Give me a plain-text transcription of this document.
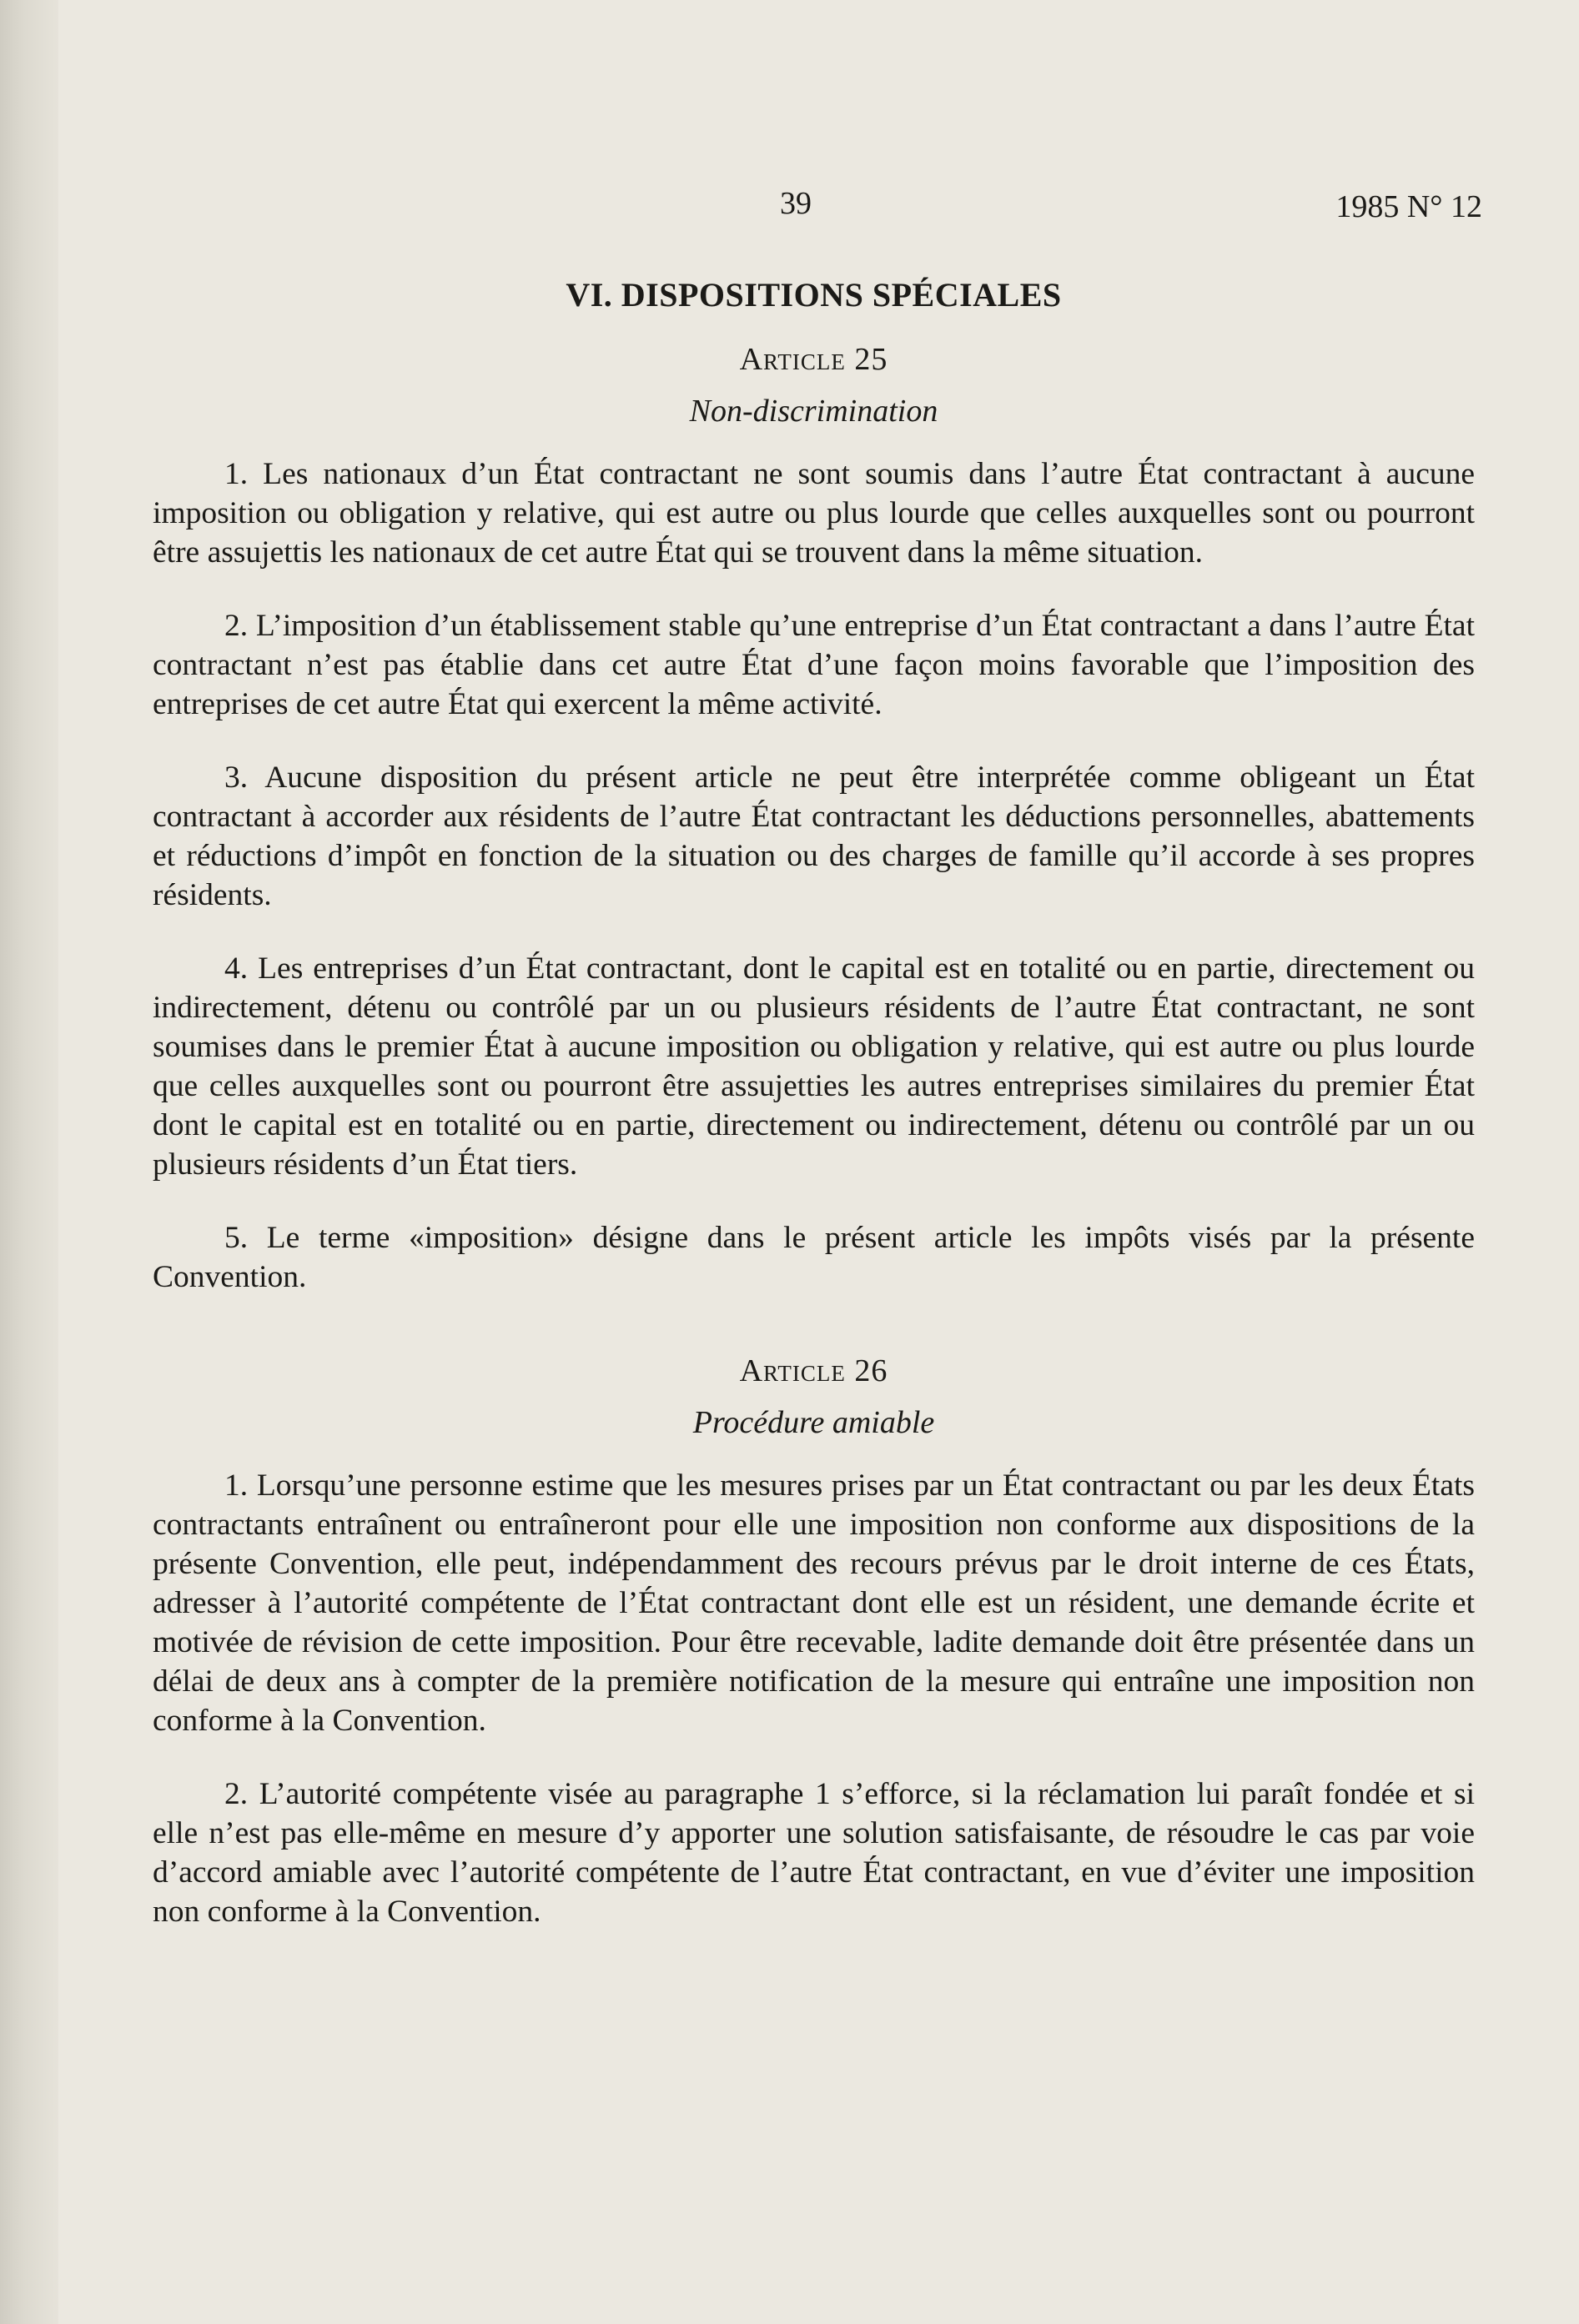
39	1985 N° 12
VI. DISPOSITIONS SPÉCIALES
Article 25
Non-discrimination

1. Les nationaux d’un État contractant ne sont soumis dans l’autre État contractant à aucune imposition ou obligation y relative, qui est autre ou plus lourde que celles auxquelles sont ou pourront être assujettis les nationaux de cet autre État qui se trouvent dans la même situation.

2. L’imposition d’un établissement stable qu’une entreprise d’un État contractant a dans l’autre État contractant n’est pas établie dans cet autre État d’une façon moins favorable que l’imposition des entreprises de cet autre État qui exercent la même activité.

3. Aucune disposition du présent article ne peut être interprétée comme obligeant un État contractant à accorder aux résidents de l’autre État contractant les déductions personnelles, abattements et réductions d’impôt en fonction de la situation ou des charges de famille qu’il accorde à ses propres résidents.

4. Les entreprises d’un État contractant, dont le capital est en totalité ou en partie, directement ou indirectement, détenu ou contrôlé par un ou plusieurs résidents de l’autre État contractant, ne sont soumises dans le premier État à aucune imposition ou obligation y relative, qui est autre ou plus lourde que celles auxquelles sont ou pourront être assujetties les autres entreprises similaires du premier État dont le capital est en totalité ou en partie, directement ou indirectement, détenu ou contrôlé par un ou plusieurs résidents d’un État tiers.

5. Le terme «imposition» désigne dans le présent article les impôts visés par la présente Convention.

Article 26
Procédure amiable

1. Lorsqu’une personne estime que les mesures prises par un État contractant ou par les deux États contractants entraînent ou entraîneront pour elle une imposition non conforme aux dispositions de la présente Convention, elle peut, indépendamment des recours prévus par le droit interne de ces États, adresser à l’autorité compétente de l’État contractant dont elle est un résident, une demande écrite et motivée de révision de cette imposition. Pour être recevable, ladite demande doit être présentée dans un délai de deux ans à compter de la première notification de la mesure qui entraîne une imposition non conforme à la Convention.

2. L’autorité compétente visée au paragraphe 1 s’efforce, si la réclamation lui paraît fondée et si elle n’est pas elle-même en mesure d’y apporter une solution satisfaisante, de résoudre le cas par voie d’accord amiable avec l’autorité compétente de l’autre État contractant, en vue d’éviter une imposition non conforme à la Convention.
